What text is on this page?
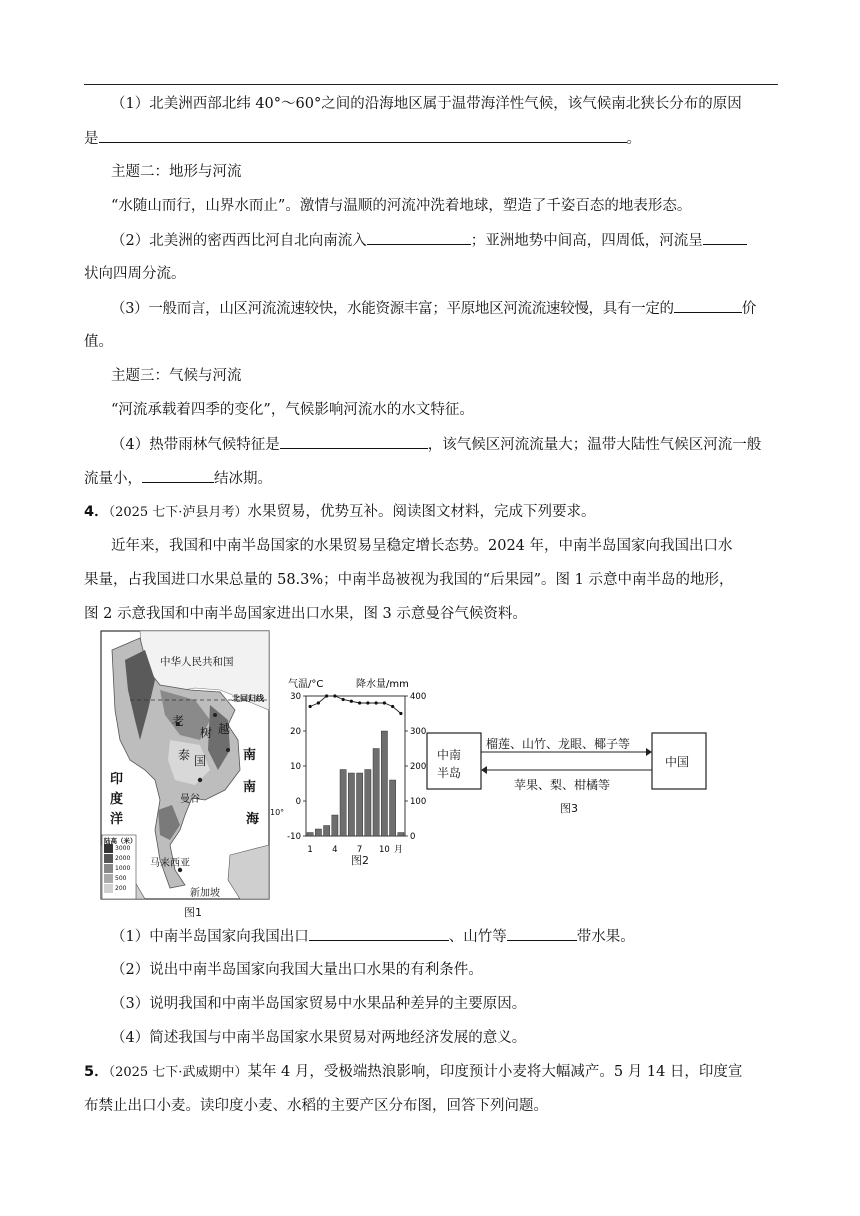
（1）北美洲西部北纬 40°～60°之间的沿海地区属于温带海洋性气候，该气候南北狭长分布的原因
是	。
主题二：地形与河流
“水随山而行，山界水而止”。激情与温顺的河流冲洗着地球，塑造了千姿百态的地表形态。
（2）北美洲的密西西比河自北向南流入	；亚洲地势中间高，四周低，河流呈
状向四周分流。
（3）一般而言，山区河流流速较快，水能资源丰富；平原地区河流流速较慢，具有一定的	价
值。
主题三：气候与河流
“河流承载着四季的变化”，气候影响河流水的水文特征。
（4）热带雨林气候特征是	，该气候区河流流量大；温带大陆性气候区河流一般
流量小，	结冰期。
4．（2025 七下·泸县月考）水果贸易，优势互补。阅读图文材料，完成下列要求。
近年来，我国和中南半岛国家的水果贸易呈稳定增长态势。2024 年，中南半岛国家向我国出口水
果量，占我国进口水果总量的 58.3%；中南半岛被视为我国的“后果园”。图 1 示意中南半岛的地形，
图 2 示意我国和中南半岛国家进出口水果，图 3 示意曼谷气候资料。
中华人民共和国
北回归线
老
越
泰 国
树
南
南
海
印
度
洋
曼谷
马来西亚
新加坡
10°
陆高（米）
3000
2000
1000
500
200
图1
气温/°C	降水量/mm
30
20
10
0
-10
400
300
200
100
0
1 4 7 10 月
图2
中南
半岛
中国
榴莲、山竹、龙眼、椰子等
苹果、梨、柑橘等
图3
（1）中南半岛国家向我国出口	、山竹等	带水果。
（2）说出中南半岛国家向我国大量出口水果的有利条件。
（3）说明我国和中南半岛国家贸易中水果品种差异的主要原因。
（4）简述我国与中南半岛国家水果贸易对两地经济发展的意义。
5．（2025 七下·武威期中）某年 4 月，受极端热浪影响，印度预计小麦将大幅减产。5 月 14 日，印度宣
布禁止出口小麦。读印度小麦、水稻的主要产区分布图，回答下列问题。
